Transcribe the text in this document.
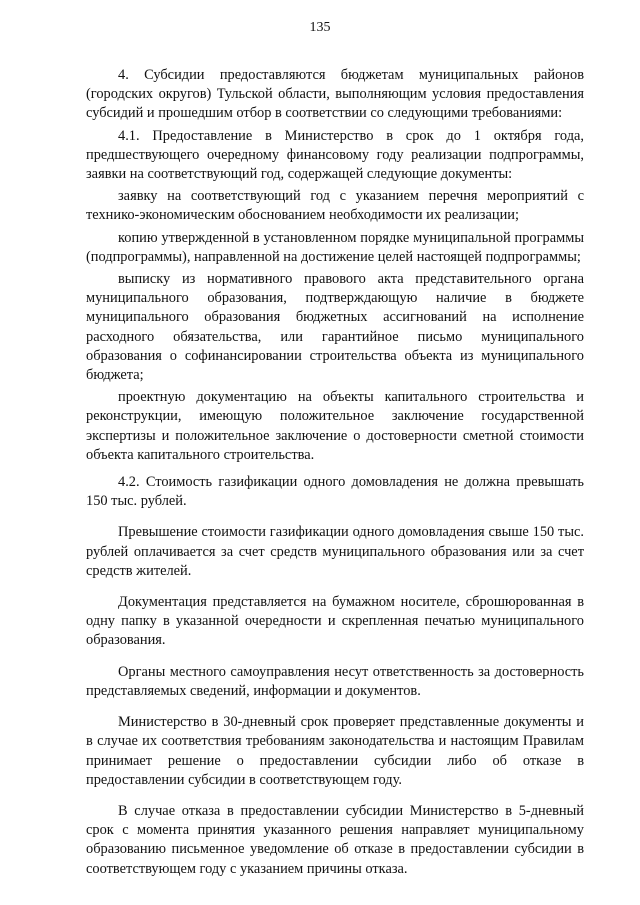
135

4. Субсидии предоставляются бюджетам муниципальных районов (городских округов) Тульской области, выполняющим условия предоставления субсидий и прошедшим отбор в соответствии со следующими требованиями:

4.1. Предоставление в Министерство в срок до 1 октября года, предшествующего очередному финансовому году реализации подпрограммы, заявки на соответствующий год, содержащей следующие документы:

заявку на соответствующий год с указанием перечня мероприятий с технико-экономическим обоснованием необходимости их реализации;

копию утвержденной в установленном порядке муниципальной программы (подпрограммы), направленной на достижение целей настоящей подпрограммы;

выписку из нормативного правового акта представительного органа муниципального образования, подтверждающую наличие в бюджете муниципального образования бюджетных ассигнований на исполнение расходного обязательства, или гарантийное письмо муниципального образования о софинансировании строительства объекта из муниципального бюджета;

проектную документацию на объекты капитального строительства и реконструкции, имеющую положительное заключение государственной экспертизы и положительное заключение о достоверности сметной стоимости объекта капитального строительства.

4.2. Стоимость газификации одного домовладения не должна превышать 150 тыс. рублей.

Превышение стоимости газификации одного домовладения свыше 150 тыс. рублей оплачивается за счет средств муниципального образования или за счет средств жителей.

Документация представляется на бумажном носителе, сброшюрованная в одну папку в указанной очередности и скрепленная печатью муниципального образования.

Органы местного самоуправления несут ответственность за достоверность представляемых сведений, информации и документов.

Министерство в 30-дневный срок проверяет представленные документы и в случае их соответствия требованиям законодательства и настоящим Правилам принимает решение о предоставлении субсидии либо об отказе в предоставлении субсидии в соответствующем году.

В случае отказа в предоставлении субсидии Министерство в 5-дневный срок с момента принятия указанного решения направляет муниципальному образованию письменное уведомление об отказе в предоставлении субсидии в соответствующем году с указанием причины отказа.
